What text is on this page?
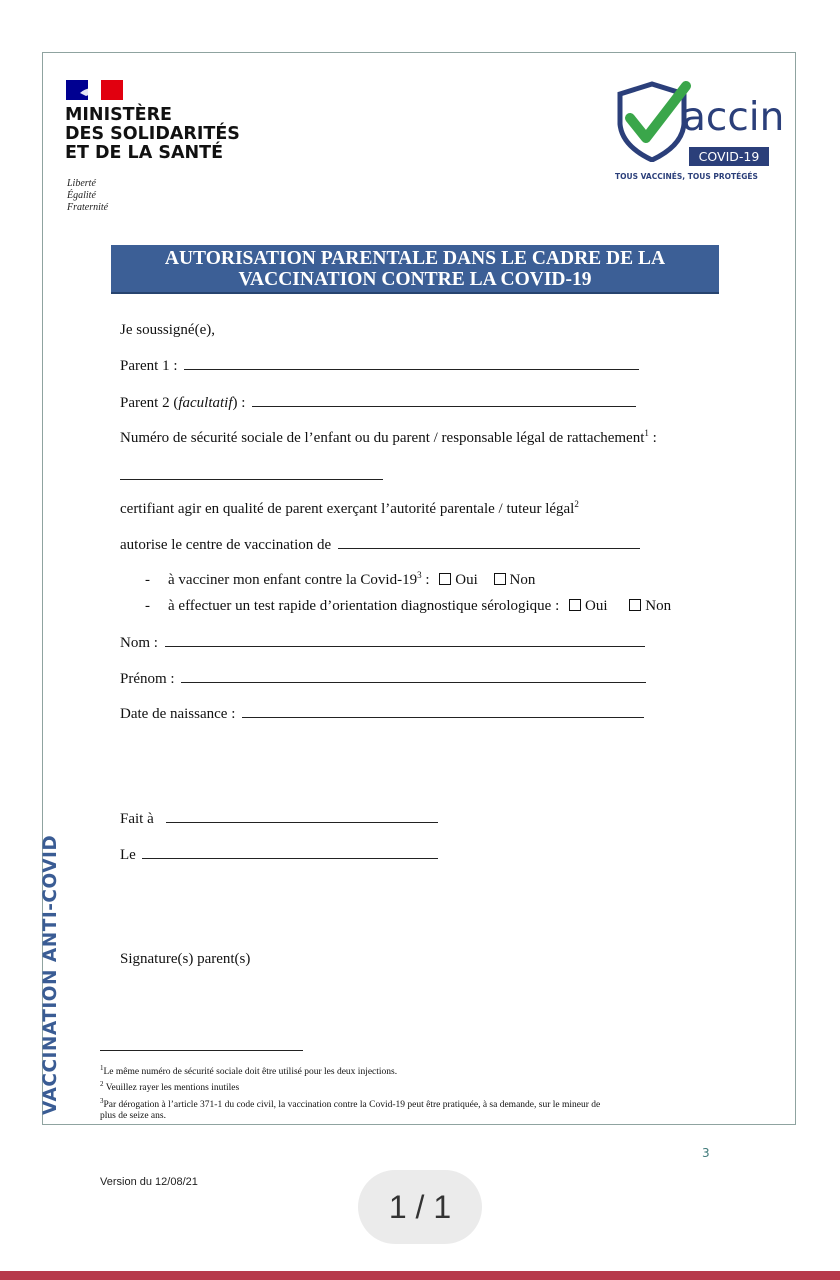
MINISTÈRE
DES SOLIDARITÉS
ET DE LA SANTÉ
Liberté
Égalité
Fraternité
accin
COVID-19
TOUS VACCINÉS, TOUS PROTÉGÉS
AUTORISATION PARENTALE DANS LE CADRE DE LA
VACCINATION CONTRE LA COVID-19
Je soussigné(e),
Parent 1 :
Parent 2 (facultatif) :
Numéro de sécurité sociale de l’enfant ou du parent / responsable légal de rattachement$^1$ :
certifiant agir en qualité de parent exerçant l’autorité parentale / tuteur légal$^2$
autorise le centre de vaccination de
- à vacciner mon enfant contre la Covid-$19^3$ : Oui Non
- à effectuer un test rapide d’orientation diagnostique sérologique : Oui	Non
Nom :
Prénom :
Date de naissance :
Fait à
Le
Signature(s) parent(s)
VACCINATION ANTI-COVID	$^1$Le même numéro de sécurité sociale doit être utilisé pour les deux injections.
$^2$ Veuillez rayer les mentions inutiles
$^3$Par dérogation à l’article 371-1 du code civil, la vaccination contre la Covid-19 peut être pratiquée, à sa demande, sur le mineur de
plus de seize ans.
3
Version du 12/08/21
1 / 1
